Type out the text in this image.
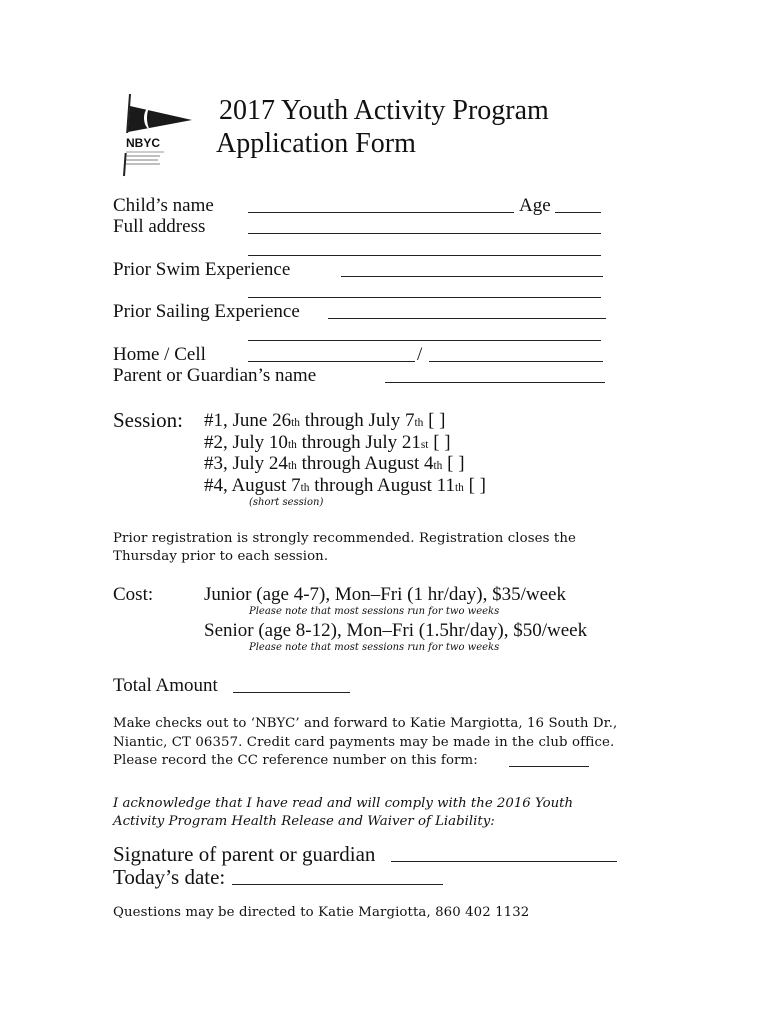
NBYC
2017 Youth Activity Program
Application Form
Child’s name	Age
Full address
Prior Swim Experience
Prior Sailing Experience
Home / Cell	/
Parent or Guardian’s name
Session: #1, June 26th through July 7th [ ]
#2, July 10th through July 21st [ ]
#3, July 24th through August 4th [ ]
#4, August 7th through August 11th [ ]
(short session)
Prior registration is strongly recommended. Registration closes the
Thursday prior to each session.
Cost:	Junior (age 4-7), Mon–Fri (1 hr/day), $35/week
Please note that most sessions run for two weeks
Senior (age 8-12), Mon–Fri (1.5hr/day), $50/week
Please note that most sessions run for two weeks
Total Amount
Make checks out to ‘NBYC’ and forward to Katie Margiotta, 16 South Dr.,
Niantic, CT 06357. Credit card payments may be made in the club office.
Please record the CC reference number on this form:
I acknowledge that I have read and will comply with the 2016 Youth
Activity Program Health Release and Waiver of Liability:
Signature of parent or guardian
Today’s date:
Questions may be directed to Katie Margiotta, 860 402 1132
